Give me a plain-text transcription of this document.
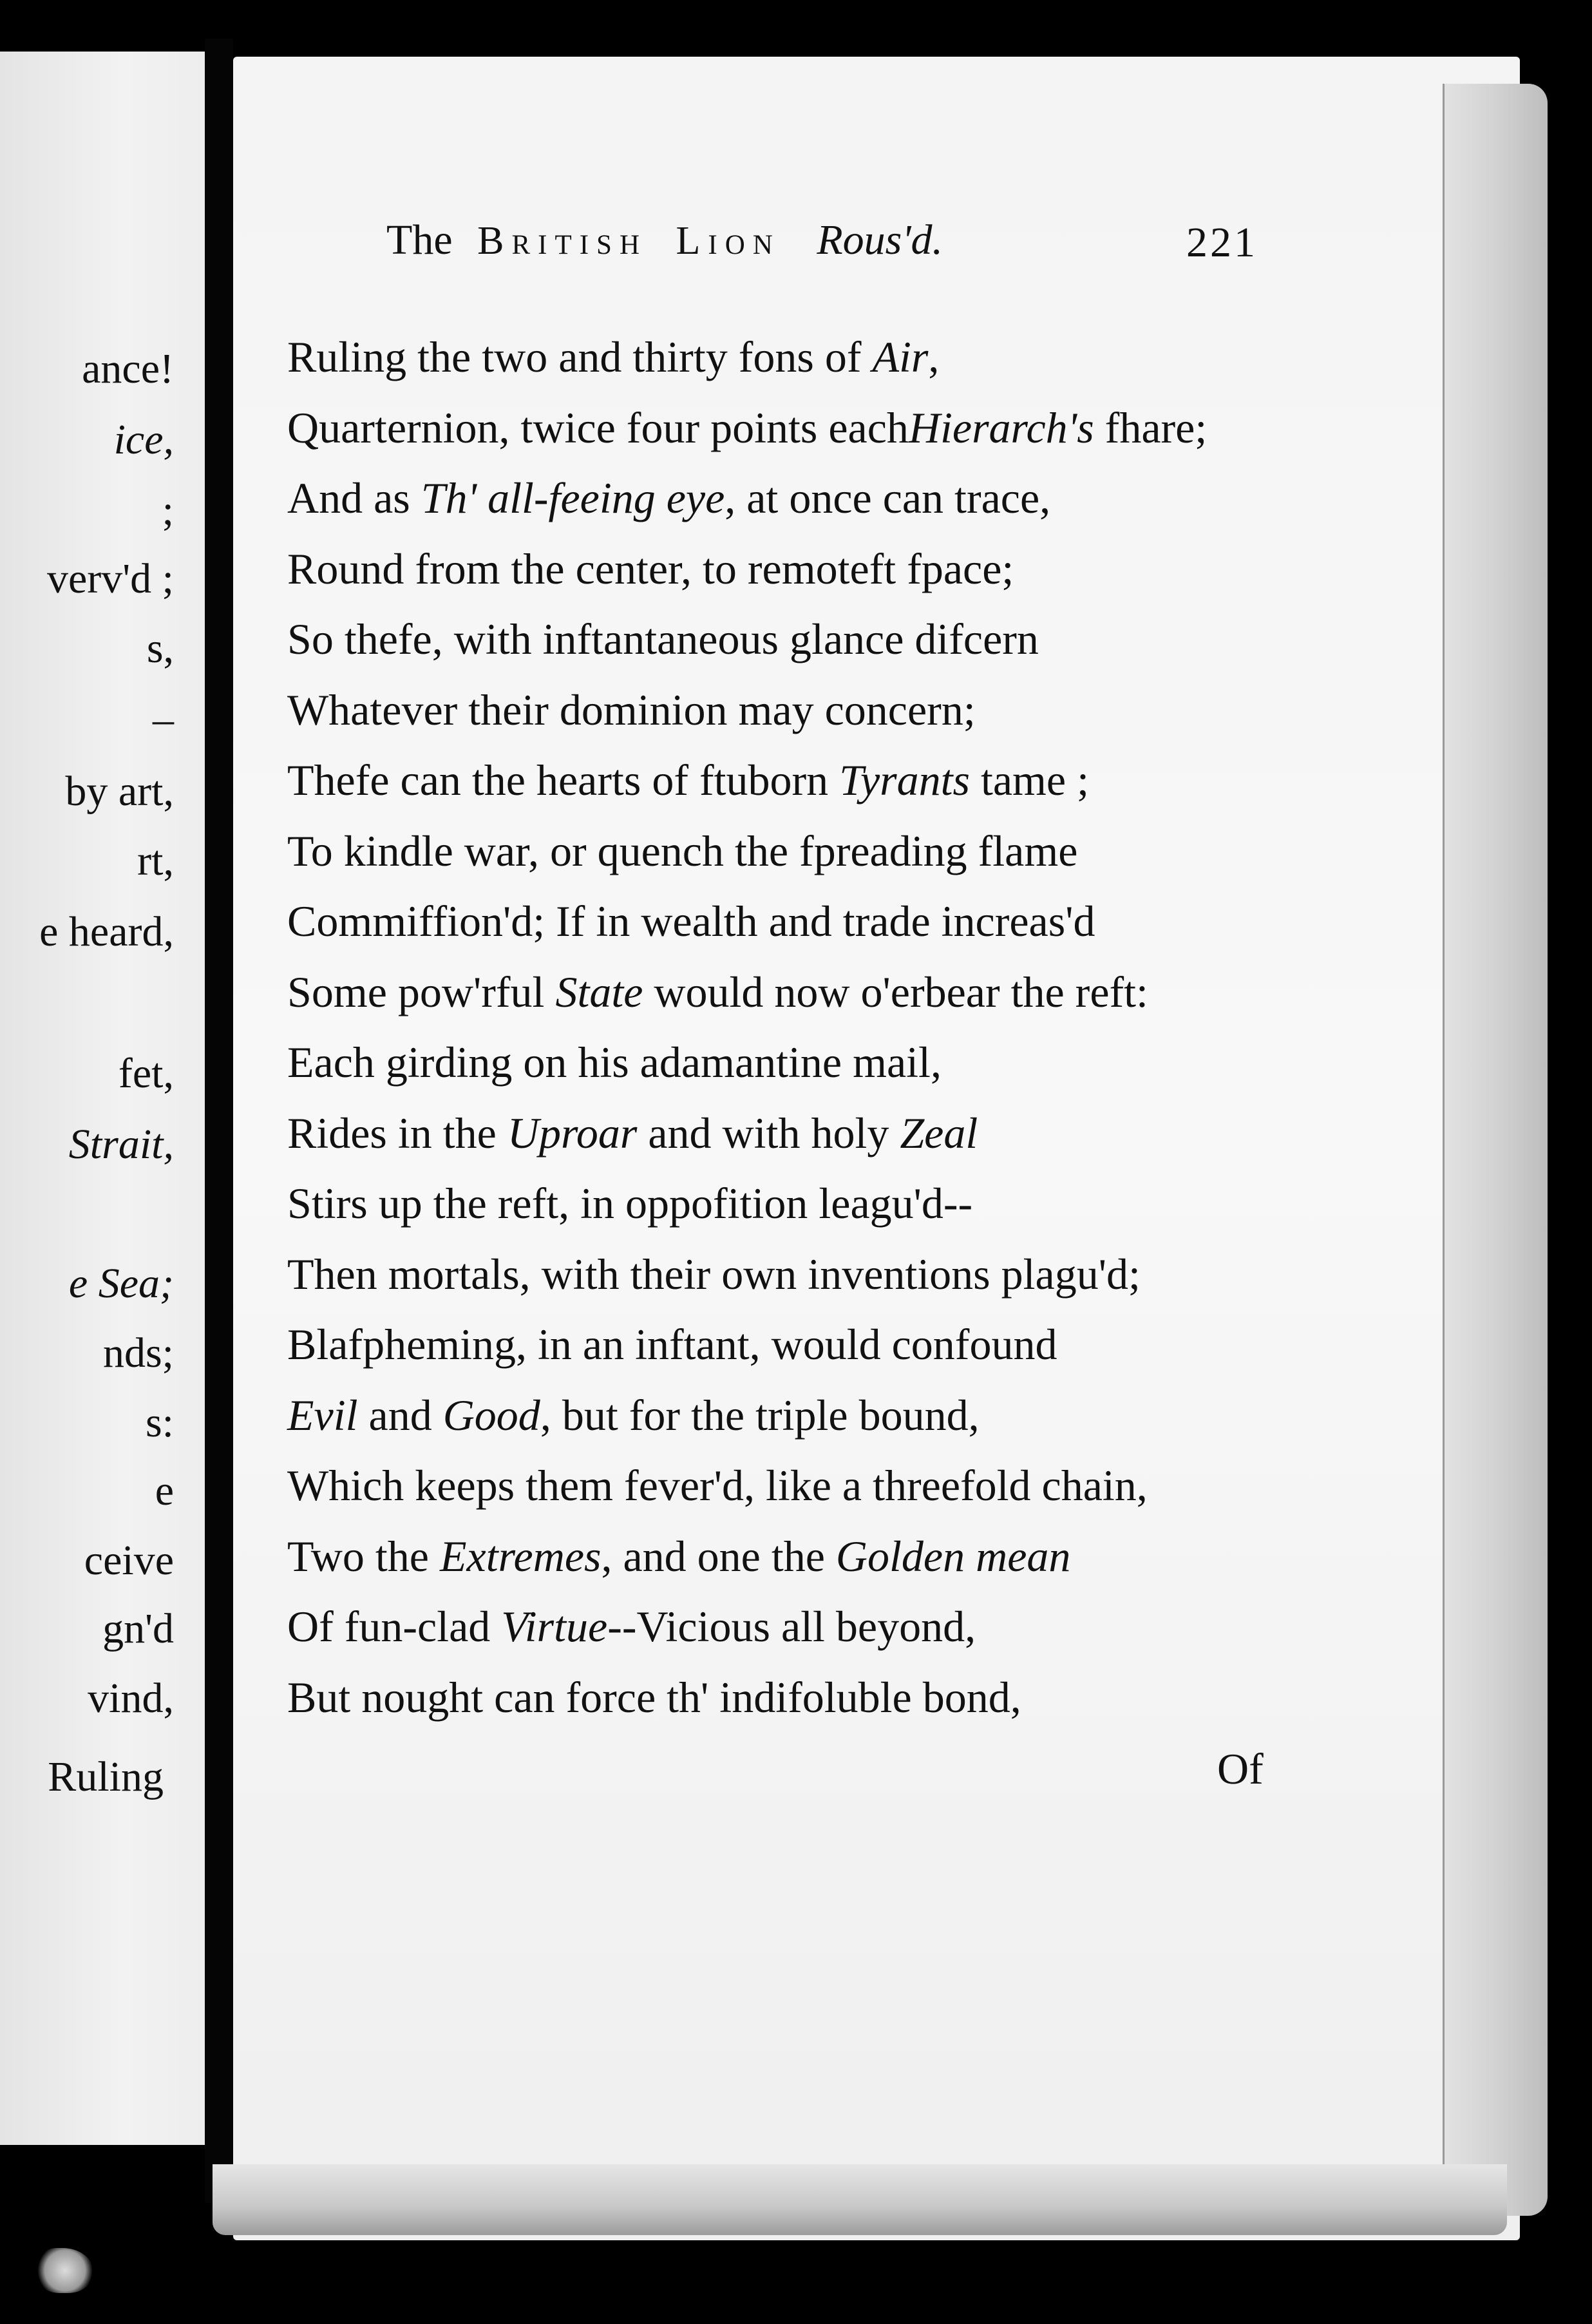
ance!
ice,
;
verv'd ;
s,
–
by art,
rt,
e heard,
fet,
Strait,
e Sea;
nds;
s:
e
ceive
gn'd
vind,
Ruling
The British Lion Rous'd.	221
Ruling the two and thirty fons of Air,
Quarternion, twice four points eachHierarch's fhare;
And as Th' all-feeing eye, at once can trace,
Round from the center, to remoteft fpace;
So thefe, with inftantaneous glance difcern
Whatever their dominion may concern;
Thefe can the hearts of ftuborn Tyrants tame ;
To kindle war, or quench the fpreading flame
Commiffion'd; If in wealth and trade increas'd
Some pow'rful State would now o'erbear the reft:
Each girding on his adamantine mail,
Rides in the Uproar and with holy Zeal
Stirs up the reft, in oppofition leagu'd--
Then mortals, with their own inventions plagu'd;
Blafpheming, in an inftant, would confound
Evil and Good, but for the triple bound,
Which keeps them fever'd, like a threefold chain,
Two the Extremes, and one the Golden mean
Of fun-clad Virtue--Vicious all beyond,
But nought can force th' indifoluble bond,
Of
